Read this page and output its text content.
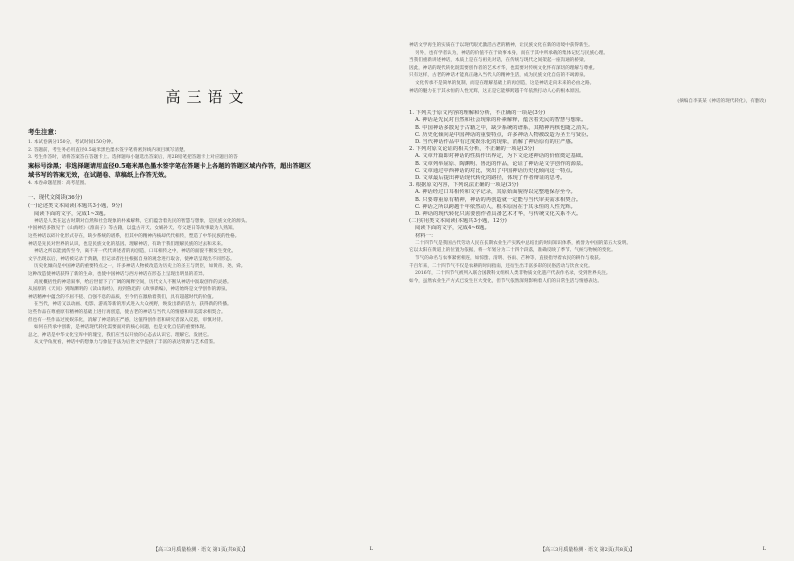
高三语文
考生注意：
1. 本试卷满分150分，考试时间150分钟。
2. 答题前，考生务必用直径0.5毫米黑色墨水签字笔将密封线内项目填写清楚。
3. 考生作答时，请将答案答在答题卡上。选择题每小题选出答案后，用2B铅笔把答题卡上对应题目的答
案标号涂黑；非选择题请用直径0.5毫米黑色墨水签字笔在答题卡上各题的答题区域内作答，超出答题区
域书写的答案无效，在试题卷、草稿纸上作答无效。
4. 本卷命题范围：高考范围。
一、现代文阅读(36分)
(一)论述类文本阅读(本题共3小题，9分)
阅读下面的文字，完成1~3题。
神话是人类在远古时期对自然和社会现象的朴素解释，它们蕴含着先民的智慧与想象，是民族文化的源头。
中国神话多散见于《山海经》《淮南子》等古籍，以盘古开天、女娲补天、夸父逐日等故事最为人熟知。
这些神话以碎片化形式存在，缺少系统的谱系，但其中的精神内核却代代相传，塑造了中华民族的性格。
神话是先民对世界的认识，也是民族文化的基因。理解神话，有助于我们理解民族的过去和未来。
神话之所以能流传至今，离不开一代代讲述者的再创造，口耳相传之中，神话的面貌不断发生变化。
文字出现以后，神话被记录于典籍，但记录者往往根据自身的观念进行取舍，使神话呈现出不同形态。
历史化倾向是中国神话的重要特点之一，许多神话人物被改造为历史上的圣王与贤臣，如黄帝、尧、舜。
这种改造使神话获得了新的生命，也使中国神话与西方神话在形态上呈现出明显的差异。
高度概括性的神话叙事，给后世留下了广阔的阐释空间，历代文人不断从神话中汲取创作的灵感。
从屈原的《天问》到陶渊明的《读山海经》，再到鲁迅的《故事新编》，神话始终是文学创作的源泉。
神话精神中蕴含的不屈不挠、自强不息的品质，至今仍在激励着我们，具有超越时代的价值。
在当代，神话又以动画、电影、游戏等新的形式进入大众视野，焕发出新的活力，获得新的传播。
这些作品在尊重原有精神的基础上进行再创造，使古老的神话与当代人的情感和审美需求相契合。
但也有一些作品过度娱乐化，消解了神话的庄严感，这值得创作者和研究者深入反思，审慎对待。
如何在传承中创新，是神话现代转化需要面对的核心问题，也是文化自信的重要体现。
总之，神话是中华文化宝库中的瑰宝，我们应当以开放的心态去认识它、理解它、发展它。
从文学角度看，神话中的想象力与象征手法为后世文学提供了丰富的表达资源与艺术借鉴。
【高三3月质量检测 · 语文 第1页(共8页)】	L
神话文学再生的实质在于以现代眼光激活古老的精神，让民族文化在新的语境中获得新生。
另外，也有学者认为，神话的价值不在于故事本身，而在于其中所承载的集体记忆与民族心理。
当我们重新讲述神话，本质上是在与祖先对话，在传统与现代之间架起一座沟通的桥梁。
因此，神话的现代转化既需要创作者的艺术才华，也需要对传统文化怀有深切的理解与尊重。
只有这样，古老的神话才能真正融入当代人的精神生活，成为民族文化自信的不竭源泉。
文化传承不是简单的复制，而是在理解基础上的再创造，这是神话走向未来的必由之路。
神话的魅力在于其永恒的人性光辉，这正是它能够跨越千年依然打动人心的根本原因。
(摘编自李某某《神话的现代转化》，有删改)
1. 下列关于原文内容的理解和分析，不正确的一项是(3分)
A. 神话是先民对自然和社会现象的朴素解释，蕴含着先民的智慧与想象。
B. 中国神话多散见于古籍之中，缺少系统的谱系，其精神内核也随之消失。
C. 历史化倾向是中国神话的重要特点，许多神话人物被改造为圣王与贤臣。
D. 当代神话作品中有过度娱乐化的现象，消解了神话原有的庄严感。
2. 下列对原文论证的相关分析，不正确的一项是(3分)
A. 文章开篇即对神话的性质作出界定，为下文论述神话的价值奠定基础。
B. 文章列举屈原、陶渊明、鲁迅的作品，论证了神话是文学创作的源泉。
C. 文章通过中西神话的对比，突出了中国神话历史化倾向这一特点。
D. 文章最后提出神话现代转化的路径，体现了作者辩证的思考。
3. 根据原文内容，下列说法正确的一项是(3分)
A. 神话经过口耳相传和文字记录，其原始面貌得以完整地保存至今。
B. 只要尊重原有精神，神话的再创造就一定能与当代审美需求相契合。
C. 神话之所以跨越千年依然动人，根本原因在于其永恒的人性光辉。
D. 神话的现代转化只需要创作者具备艺术才华，与传统文化关系不大。
(二)实用类文本阅读(本题共3小题，12分)
阅读下面的文字，完成4~6题。
材料一：
二十四节气是我国古代劳动人民在长期农业生产实践中总结出的时间知识体系，被誉为中国的第五大发明。
它以太阳在黄道上的位置为依据，将一年划分为二十四个段落，准确反映了季节、气候与物候的变化。
节气的命名与农事紧密相连，如惊蛰、清明、谷雨、芒种等，直接指导着农民的耕作与收获。
千百年来，二十四节气不仅是农耕的时间指南，还衍生出丰富多彩的民俗活动与饮食文化。
2016年，二十四节气被列入联合国教科文组织人类非物质文化遗产代表作名录，受到世界关注。
如今，虽然农业生产方式已发生巨大变化，但节气依然深刻影响着人们的日常生活与情感表达。
【高三3月质量检测 · 语文 第2页(共8页)】	L
